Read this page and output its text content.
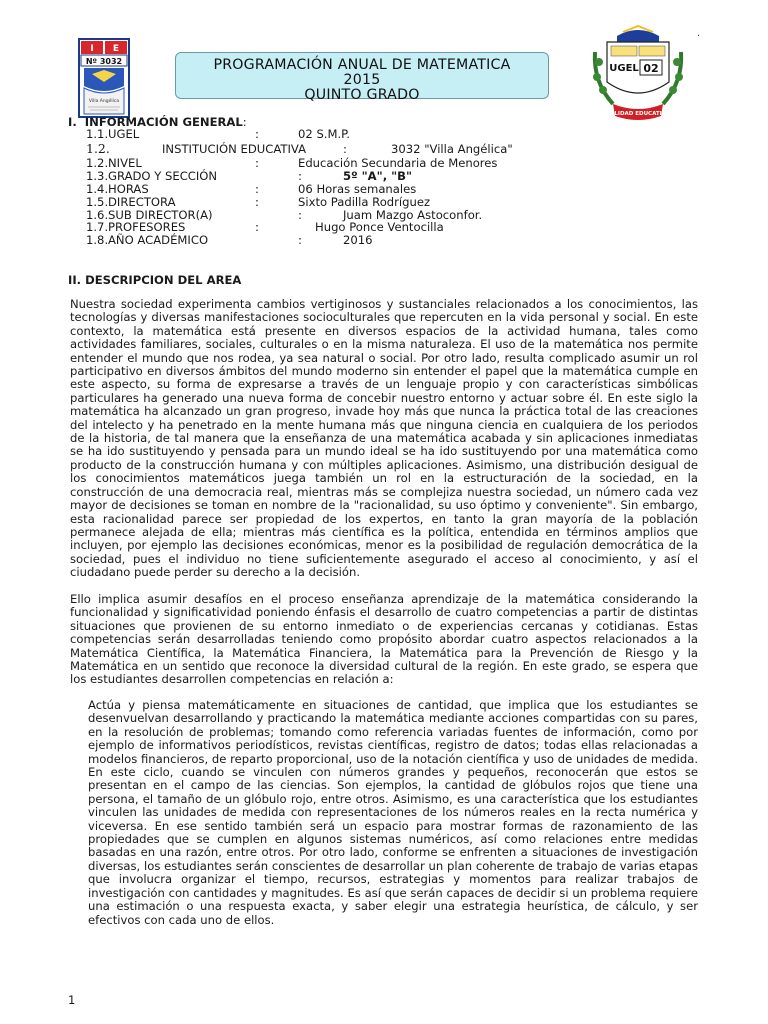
I E
Nº 3032
Villa Angélica
PROGRAMACIÓN ANUAL DE MATEMATICA
2015
QUINTO GRADO
UGEL 02
CALIDAD EDUCATIVA
.
I. INFORMACIÓN GENERAL:
1.1. UGEL	:	02 S.M.P.
1.2.	INSTITUCIÓN EDUCATIVA	:	3032 "Villa Angélica"
1.2. NIVEL	:	Educación Secundaria de Menores
1.3. GRADO Y SECCIÓN	:	5º "A", "B"
1.4. HORAS	:	06 Horas semanales
1.5. DIRECTORA	:	Sixto Padilla Rodríguez
1.6. SUB DIRECTOR(A)	:	Juam Mazgo Astoconfor.
1.7. PROFESORES	:	Hugo Ponce Ventocilla
1.8. AÑO ACADÉMICO	:	2016
II. DESCRIPCION DEL AREA

Nuestra sociedad experimenta cambios vertiginosos y sustanciales relacionados a los conocimientos, las tecnologías y diversas manifestaciones socioculturales que repercuten en la vida personal y social. En este contexto, la matemática está presente en diversos espacios de la actividad humana, tales como actividades familiares, sociales, culturales o en la misma naturaleza. El uso de la matemática nos permite entender el mundo que nos rodea, ya sea natural o social. Por otro lado, resulta complicado asumir un rol participativo en diversos ámbitos del mundo moderno sin entender el papel que la matemática cumple en este aspecto, su forma de expresarse a través de un lenguaje propio y con características simbólicas particulares ha generado una nueva forma de concebir nuestro entorno y actuar sobre él. En este siglo la matemática ha alcanzado un gran progreso, invade hoy más que nunca la práctica total de las creaciones del intelecto y ha penetrado en la mente humana más que ninguna ciencia en cualquiera de los periodos de la historia, de tal manera que la enseñanza de una matemática acabada y sin aplicaciones inmediatas se ha ido sustituyendo y pensada para un mundo ideal se ha ido sustituyendo por una matemática como producto de la construcción humana y con múltiples aplicaciones. Asimismo, una distribución desigual de los conocimientos matemáticos juega también un rol en la estructuración de la sociedad, en la construcción de una democracia real, mientras más se complejiza nuestra sociedad, un número cada vez mayor de decisiones se toman en nombre de la "racionalidad, su uso óptimo y conveniente". Sin embargo, esta racionalidad parece ser propiedad de los expertos, en tanto la gran mayoría de la población permanece alejada de ella; mientras más científica es la política, entendida en términos amplios que incluyen, por ejemplo las decisiones económicas, menor es la posibilidad de regulación democrática de la sociedad, pues el individuo no tiene suficientemente asegurado el acceso al conocimiento, y así el ciudadano puede perder su derecho a la decisión.

Ello implica asumir desafíos en el proceso enseñanza aprendizaje de la matemática considerando la funcionalidad y significatividad poniendo énfasis el desarrollo de cuatro competencias a partir de distintas situaciones que provienen de su entorno inmediato o de experiencias cercanas y cotidianas. Estas competencias serán desarrolladas teniendo como propósito abordar cuatro aspectos relacionados a la Matemática Científica, la Matemática Financiera, la Matemática para la Prevención de Riesgo y la Matemática en un sentido que reconoce la diversidad cultural de la región. En este grado, se espera que los estudiantes desarrollen competencias en relación a:

Actúa y piensa matemáticamente en situaciones de cantidad, que implica que los estudiantes se desenvuelvan desarrollando y practicando la matemática mediante acciones compartidas con su pares, en la resolución de problemas; tomando como referencia variadas fuentes de información, como por ejemplo de informativos periodísticos, revistas científicas, registro de datos; todas ellas relacionadas a modelos financieros, de reparto proporcional, uso de la notación científica y uso de unidades de medida. En este ciclo, cuando se vinculen con números grandes y pequeños, reconocerán que estos se presentan en el campo de las ciencias. Son ejemplos, la cantidad de glóbulos rojos que tiene una persona, el tamaño de un glóbulo rojo, entre otros. Asimismo, es una característica que los estudiantes vinculen las unidades de medida con representaciones de los números reales en la recta numérica y viceversa. En ese sentido también será un espacio para mostrar formas de razonamiento de las propiedades que se cumplen en algunos sistemas numéricos, así como relaciones entre medidas basadas en una razón, entre otros. Por otro lado, conforme se enfrenten a situaciones de investigación diversas, los estudiantes serán conscientes de desarrollar un plan coherente de trabajo de varias etapas que involucra organizar el tiempo, recursos, estrategias y momentos para realizar trabajos de investigación con cantidades y magnitudes. Es así que serán capaces de decidir si un problema requiere una estimación o una respuesta exacta, y saber elegir una estrategia heurística, de cálculo, y ser efectivos con cada uno de ellos.

1
